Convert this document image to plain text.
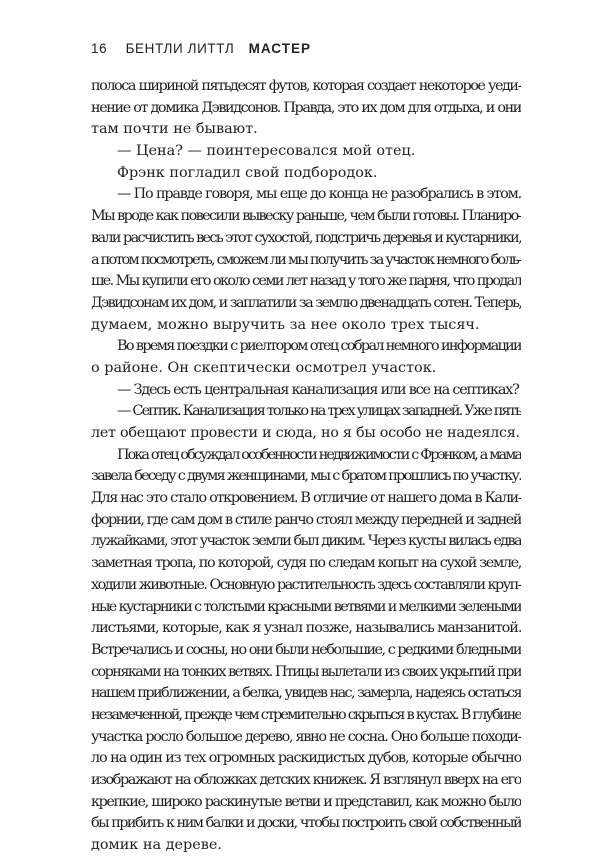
16 БЕНТЛИ ЛИТТЛ МАСТЕР
полоса шириной пятьдесят футов, которая создает некоторое уеди-
нение от домика Дэвидсонов. Правда, это их дом для отдыха, и они
там почти не бывают.
— Цена? — поинтересовался мой отец.
Фрэнк погладил свой подбородок.
— По правде говоря, мы еще до конца не разобрались в этом.
Мы вроде как повесили вывеску раньше, чем были готовы. Планиро-
вали расчистить весь этот сухостой, подстричь деревья и кустарники,
а потом посмотреть, сможем ли мы получить за участок немного боль-
ше. Мы купили его около семи лет назад у того же парня, что продал
Дэвидсонам их дом, и заплатили за землю двенадцать сотен. Теперь,
думаем, можно выручить за нее около трех тысяч.
Во время поездки с риелтором отец собрал немного информации
о районе. Он скептически осмотрел участок.
— Здесь есть центральная канализация или все на септиках?
— Септик. Канализация только на трех улицах западней. Уже пять
лет обещают провести и сюда, но я бы особо не надеялся.
Пока отец обсуждал особенности недвижимости с Фрэнком, а мама
завела беседу с двумя женщинами, мы с братом прошлись по участку.
Для нас это стало откровением. В отличие от нашего дома в Кали-
форнии, где сам дом в стиле ранчо стоял между передней и задней
лужайками, этот участок земли был диким. Через кусты вилась едва
заметная тропа, по которой, судя по следам копыт на сухой земле,
ходили животные. Основную растительность здесь составляли круп-
ные кустарники с толстыми красными ветвями и мелкими зелеными
листьями, которые, как я узнал позже, назывались манзанитой.
Встречались и сосны, но они были небольшие, с редкими бледными
сорняками на тонких ветвях. Птицы вылетали из своих укрытий при
нашем приближении, а белка, увидев нас, замерла, надеясь остаться
незамеченной, прежде чем стремительно скрыться в кустах. В глубине
участка росло большое дерево, явно не сосна. Оно больше походи-
ло на один из тех огромных раскидистых дубов, которые обычно
изображают на обложках детских книжек. Я взглянул вверх на его
крепкие, широко раскинутые ветви и представил, как можно было
бы прибить к ним балки и доски, чтобы построить свой собственный
домик на дереве.
